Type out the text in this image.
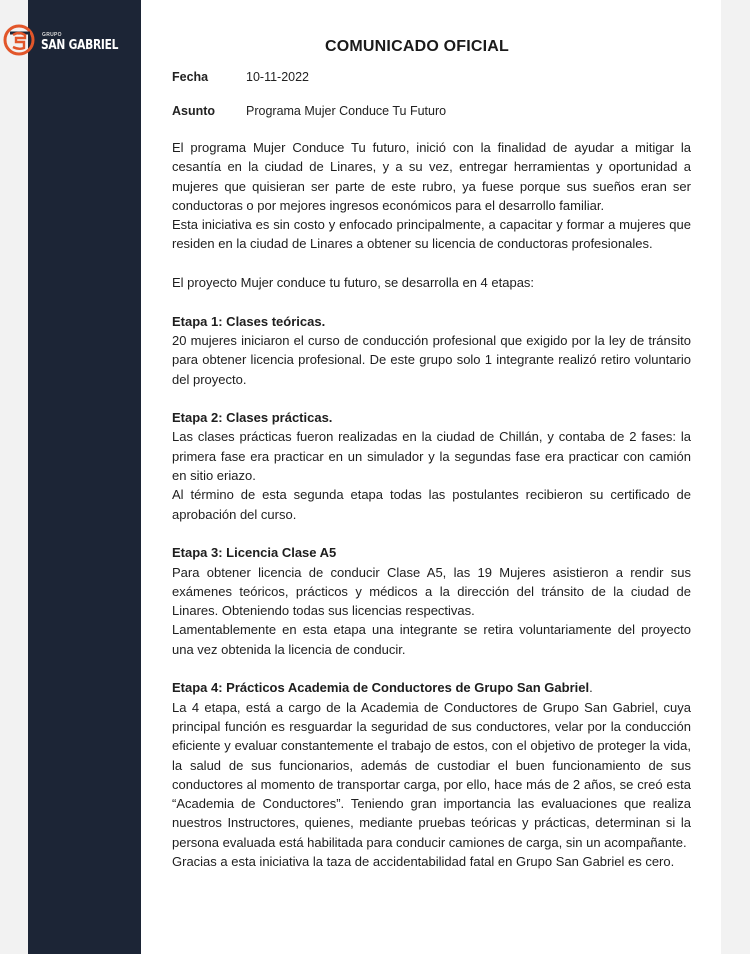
GRUPO
SAN GABRIEL	COMUNICADO OFICIAL
Fecha	10-11-2022
Asunto Programa Mujer Conduce Tu Futuro

El programa Mujer Conduce Tu futuro, inició con la finalidad de ayudar a mitigar la cesantía en la ciudad de Linares, y a su vez, entregar herramientas y oportunidad a mujeres que quisieran ser parte de este rubro, ya fuese porque sus sueños eran ser conductoras o por mejores ingresos económicos para el desarrollo familiar.

Esta iniciativa es sin costo y enfocado principalmente, a capacitar y formar a mujeres que residen en la ciudad de Linares a obtener su licencia de conductoras profesionales.

El proyecto Mujer conduce tu futuro, se desarrolla en 4 etapas:

Etapa 1: Clases teóricas.

20 mujeres iniciaron el curso de conducción profesional que exigido por la ley de tránsito para obtener licencia profesional. De este grupo solo 1 integrante realizó retiro voluntario del proyecto.

Etapa 2: Clases prácticas.

Las clases prácticas fueron realizadas en la ciudad de Chillán, y contaba de 2 fases: la primera fase era practicar en un simulador y la segundas fase era practicar con camión en sitio eriazo.

Al término de esta segunda etapa todas las postulantes recibieron su certificado de aprobación del curso.

Etapa 3: Licencia Clase A5

Para obtener licencia de conducir Clase A5, las 19 Mujeres asistieron a rendir sus exámenes teóricos, prácticos y médicos a la dirección del tránsito de la ciudad de Linares. Obteniendo todas sus licencias respectivas.

Lamentablemente en esta etapa una integrante se retira voluntariamente del proyecto una vez obtenida la licencia de conducir.

Etapa 4: Prácticos Academia de Conductores de Grupo San Gabriel.

La 4 etapa, está a cargo de la Academia de Conductores de Grupo San Gabriel, cuya principal función es resguardar la seguridad de sus conductores, velar por la conducción eficiente y evaluar constantemente el trabajo de estos, con el objetivo de proteger la vida, la salud de sus funcionarios, además de custodiar el buen funcionamiento de sus conductores al momento de transportar carga, por ello, hace más de 2 años, se creó esta “Academia de Conductores”. Teniendo gran importancia las evaluaciones que realiza nuestros Instructores, quienes, mediante pruebas teóricas y prácticas, determinan si la persona evaluada está habilitada para conducir camiones de carga, sin un acompañante.

Gracias a esta iniciativa la taza de accidentabilidad fatal en Grupo San Gabriel es cero.
